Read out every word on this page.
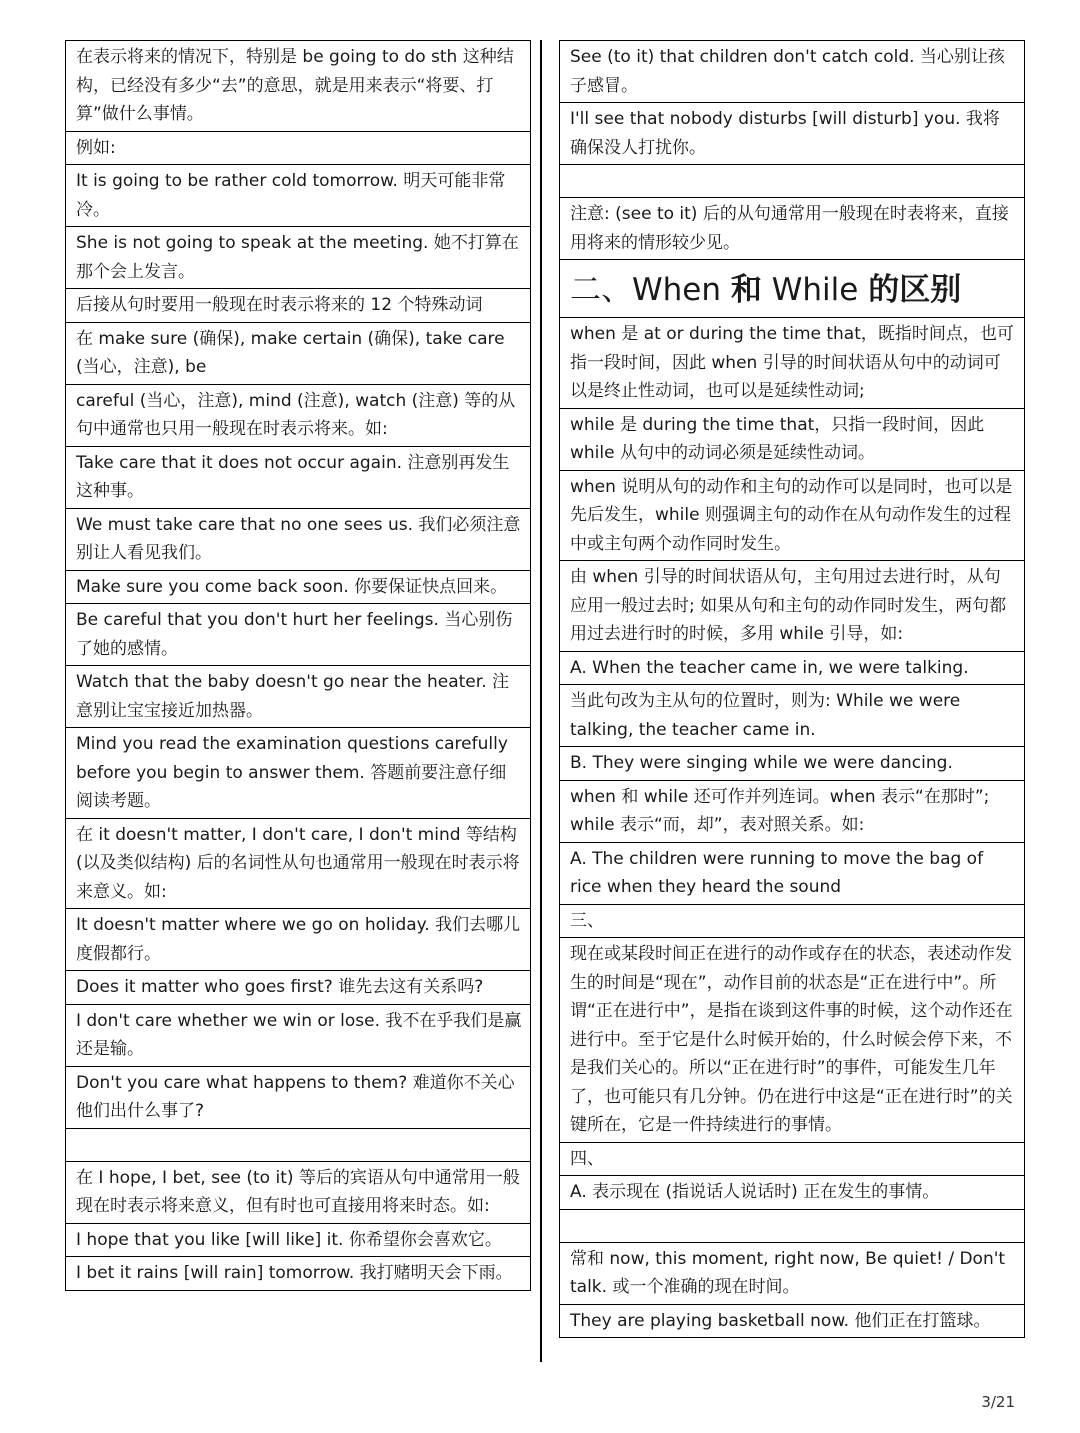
在表示将来的情况下，特别是 be going to do sth 这种结构，已经没有多少“去”的意思，就是用来表示“将要、打算”做什么事情。
例如:
It is going to be rather cold tomorrow. 明天可能非常冷。
She is not going to speak at the meeting. 她不打算在那个会上发言。
后接从句时要用一般现在时表示将来的 12 个特殊动词
在 make sure (确保), make certain (确保), take care (当心，注意), be
careful (当心，注意), mind (注意), watch (注意) 等的从句中通常也只用一般现在时表示将来。如:
Take care that it does not occur again. 注意别再发生这种事。
We must take care that no one sees us. 我们必须注意别让人看见我们。
Make sure you come back soon. 你要保证快点回来。
Be careful that you don't hurt her feelings. 当心别伤了她的感情。
Watch that the baby doesn't go near the heater. 注意别让宝宝接近加热器。
Mind you read the examination questions carefully before you begin to answer them. 答题前要注意仔细阅读考题。
在 it doesn't matter, I don't care, I don't mind 等结构 (以及类似结构) 后的名词性从句也通常用一般现在时表示将来意义。如:
It doesn't matter where we go on holiday. 我们去哪儿度假都行。
Does it matter who goes first? 谁先去这有关系吗?
I don't care whether we win or lose. 我不在乎我们是赢还是输。
Don't you care what happens to them? 难道你不关心他们出什么事了?
在 I hope, I bet, see (to it) 等后的宾语从句中通常用一般现在时表示将来意义，但有时也可直接用将来时态。如:
I hope that you like [will like] it. 你希望你会喜欢它。
I bet it rains [will rain] tomorrow. 我打赌明天会下雨。
See (to it) that children don't catch cold. 当心别让孩子感冒。
I'll see that nobody disturbs [will disturb] you. 我将确保没人打扰你。
注意: (see to it) 后的从句通常用一般现在时表将来，直接用将来的情形较少见。
二、When 和 While 的区别
when 是 at or during the time that，既指时间点，也可指一段时间，因此 when 引导的时间状语从句中的动词可以是终止性动词，也可以是延续性动词;
while 是 during the time that，只指一段时间，因此 while 从句中的动词必须是延续性动词。
when 说明从句的动作和主句的动作可以是同时，也可以是先后发生，while 则强调主句的动作在从句动作发生的过程中或主句两个动作同时发生。
由 when 引导的时间状语从句，主句用过去进行时，从句应用一般过去时; 如果从句和主句的动作同时发生，两句都用过去进行时的时候，多用 while 引导，如:
A. When the teacher came in, we were talking.
当此句改为主从句的位置时，则为: While we were talking, the teacher came in.
B. They were singing while we were dancing.
when 和 while 还可作并列连词。when 表示“在那时”; while 表示“而，却”，表对照关系。如:
A. The children were running to move the bag of rice when they heard the sound
三、
现在或某段时间正在进行的动作或存在的状态，表述动作发生的时间是“现在”，动作目前的状态是“正在进行中”。所谓“正在进行中”，是指在谈到这件事的时候，这个动作还在进行中。至于它是什么时候开始的，什么时候会停下来，不是我们关心的。所以“正在进行时”的事件，可能发生几年了，也可能只有几分钟。仍在进行中这是“正在进行时”的关键所在，它是一件持续进行的事情。
四、
A. 表示现在 (指说话人说话时) 正在发生的事情。
常和 now, this moment, right now, Be quiet! / Don't talk. 或一个准确的现在时间。
They are playing basketball now. 他们正在打篮球。
3/21
